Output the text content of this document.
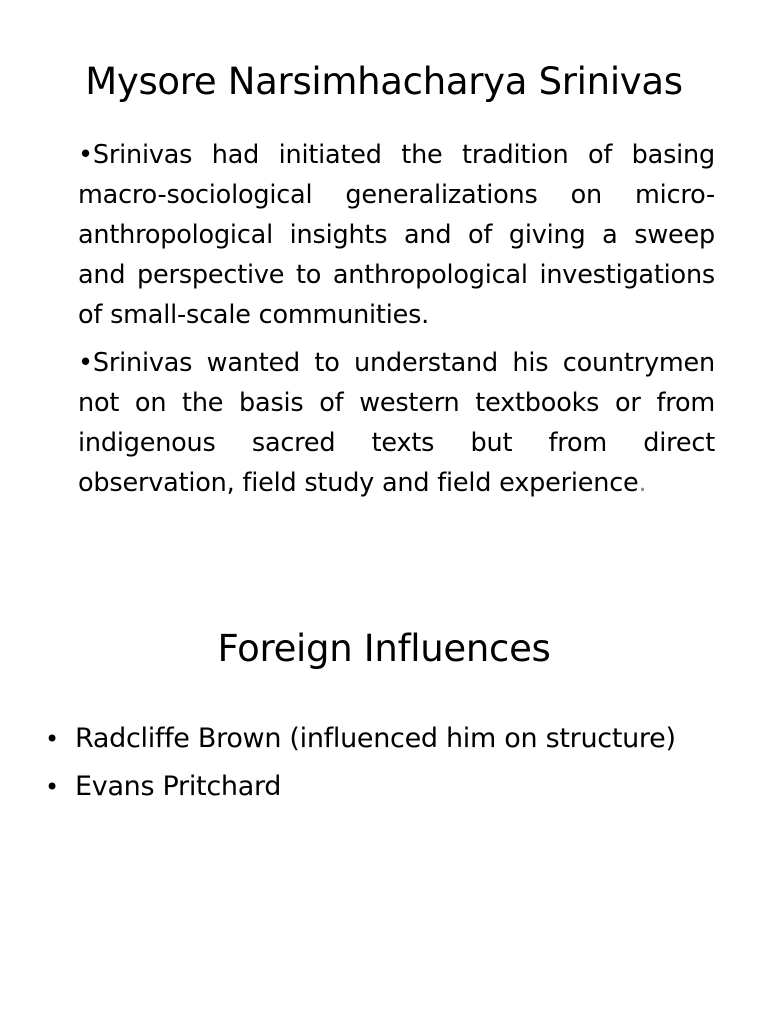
Mysore Narsimhacharya Srinivas
•Srinivas had initiated the tradition of basing macro-sociological generalizations on micro-anthropological insights and of giving a sweep and perspective to anthropological investigations of small-scale communities.
•Srinivas wanted to understand his countrymen not on the basis of western textbooks or from indigenous sacred texts but from direct observation, field study and field experience.
Foreign Influences
• Radcliffe Brown (influenced him on structure)
• Evans Pritchard
